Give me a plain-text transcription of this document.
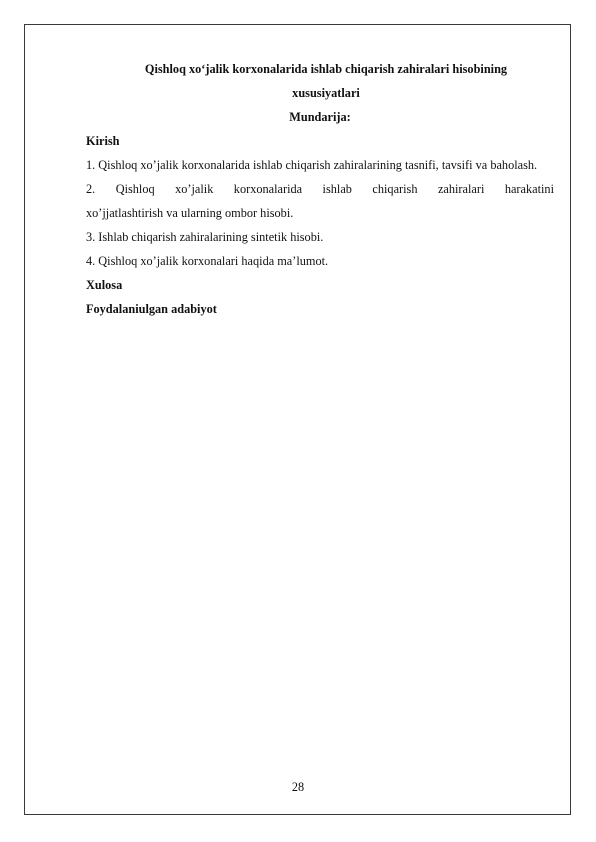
Qishloq xo‘jalik korxonalarida ishlab chiqarish zahiralari hisobining
xususiyatlari

Mundarija:

Kirish

1. Qishloq xo’jalik korxonalarida ishlab chiqarish zahiralarining tasnifi, tavsifi va baholash.

2. Qishloq xo’jalik korxonalarida ishlab chiqarish zahiralari harakatini

xo’jjatlashtirish va ularning ombor hisobi.

3. Ishlab chiqarish zahiralarining sintetik hisobi.

4. Qishloq xo’jalik korxonalari haqida ma’lumot.

Xulosa

Foydalaniulgan adabiyot

28
